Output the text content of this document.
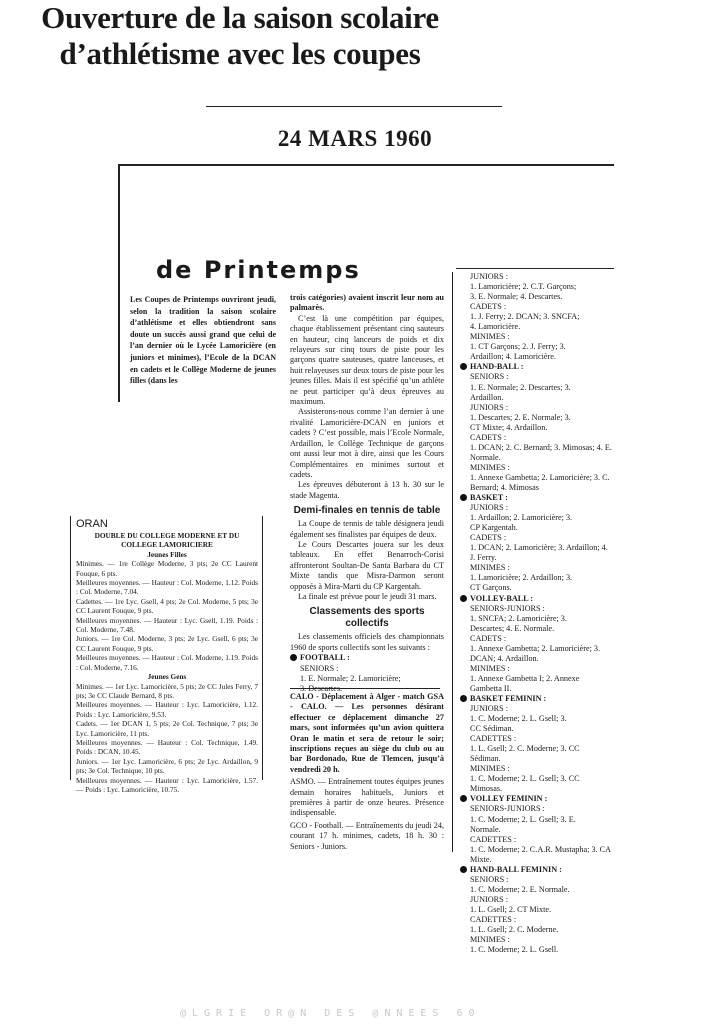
24 MARS 1960
Ouverture de la saison scolaire
d’athlétisme avec les coupes
de Printemps

Les Coupes de Printemps ouvriront jeudi, selon la tradition la saison scolaire d’athlétisme et elles obtiendront sans doute un succès aussi grand que celui de l’an dernier où le Lycée Lamoricière (en juniors et minimes), l’Ecole de la DCAN en cadets et le Collège Moderne de jeunes filles (dans les

trois catégories) avaient inscrit leur nom au palmarès.

C’est là une compétition par équipes, chaque établissement présentant cinq sauteurs en hauteur, cinq lanceurs de poids et dix relayeurs sur cinq tours de piste pour les garçons quatre sauteuses, quatre lanceuses, et huit relayeuses sur deux tours de piste pour les jeunes filles. Mais il est spécifié qu’un athlète ne peut participer qu’à deux épreuves au maximum.

Assisterons-nous comme l’an dernier à une rivalité Lamoricière-DCAN en juniors et cadets ? C’est possible, mais l’Ecole Normale, Ardaillon, le Collège Technique de garçons ont aussi leur mot à dire, ainsi que les Cours Complémentaires en minimes surtout et cadets.

Les épreuves débuteront à 13 h. 30 sur le stade Magenta.

Demi-finales en tennis de table

La Coupe de tennis de table désignera jeudi également ses finalistes par équipes de deux.

Le Cours Descartes jouera sur les deux tableaux. En effet Benarroch-Corisi affronteront Soultan-De Santa Barbara du CT Mixte tandis que Misra-Darmon seront opposés à Mira-Marti du CP Kargentah.

La finale est prévue pour le jeudi 31 mars.

Classements des sports collectifs

Les classements officiels des championnats 1960 de sports collectifs sont les suivants :

FOOTBALL :

SENIORS :

1. E. Normale; 2. Lamoricière;

CALO - Déplacement à Alger - match GSA - CALO. — Les personnes désirant effectuer ce déplacement dimanche 27 mars, sont informées qu’un avion quittera Oran le matin et sera de retour le soir; inscriptions reçues au siège du club ou au bar Bordonado, Rue de Tlemcen, jusqu’à vendredi 20 h.

ASMO. — Entraînement toutes équipes jeunes demain horaires habituels, Juniors et premières à partir de onze heures. Présence indispensable.

GCO - Football. — Entraînements du jeudi 24, courant 17 h. minimes, cadets, 18 h. 30 : Seniors - Juniors.

ORAN
DOUBLE DU COLLEGE MODERNE ET DU COLLEGE LAMORICIERE
Jeunes Filles

Minimes. — 1re Collège Moderne, 3 pts; 2e CC Laurent Fouque, 6 pts.

Meilleures moyennes. — Hauteur : Col. Moderne, 1.12. Poids : Col. Moderne, 7.04.

Cadettes. — 1re Lyc. Gsell, 4 pts; 2e Col. Moderne, 5 pts; 3e CC Laurent Fouque, 9 pts.

Meilleures moyennes. — Hauteur : Lyc. Gsell, 1.19. Poids : Col. Moderne, 7.48.

Juniors. — 1re Col. Moderne, 3 pts; 2e Lyc. Gsell, 6 pts; 3e CC Laurent Fouque, 9 pts.

Meilleures moyennes. — Hauteur : Col. Moderne, 1.19. Poids : Col. Moderne, 7.16.

Jeunes Gens

Minimes. — 1er Lyc. Lamoricière, 5 pts; 2e CC Jules Ferry, 7 pts; 3e CC Claude Bernard, 8 pts.

Meilleures moyennes. — Hauteur : Lyc. Lamoricière, 1.12. Poids : Lyc. Lamoricière, 9.53.

Cadets. — 1er DCAN 1, 5 pts; 2e Col. Technique, 7 pts; 3e Lyc. Lamoricière, 11 pts.

Meilleures moyennes. — Hauteur : Col. Technique, 1.49. Poids : DCAN, 10.45.

Juniors. — 1er Lyc. Lamoricière, 6 pts; 2e Lyc. Ardaillon, 9 pts; 3e Col. Technique, 10 pts.

Meilleures moyennes. — Hauteur : Lyc. Lamoricière, 1.57. — Poids : Lyc. Lamoricière, 10.75.

JUNIORS :
1. Lamoricière; 2. C.T. Garçons;
3. E. Normale; 4. Descartes.
CADETS :
1. J. Ferry; 2. DCAN; 3. SNCFA;
4. Lamoricière.
MINIMES :
1. CT Garçons; 2. J. Ferry; 3.
Ardaillon; 4. Lamoricière.
HAND-BALL :
SENIORS :
1. E. Normale; 2. Descartes; 3.
Ardaillon.
JUNIORS :
1. Descartes; 2. E. Normale; 3.
CT Mixte; 4. Ardaillon.
CADETS :
1. DCAN; 2. C. Bernard; 3. Mimosas; 4. E. Normale.
MINIMES :
1. Annexe Gambetta; 2. Lamoricière; 3. C. Bernard; 4. Mimosas
BASKET :
JUNIORS :
1. Ardaillon; 2. Lamoricière; 3.
CP Kargentah.
CADETS :
1. DCAN; 2. Lamoricière; 3. Ardaillon; 4. J. Ferry.
MINIMES :
1. Lamoricière; 2. Ardaillon; 3.
CT Garçons.
VOLLEY-BALL :
SENIORS-JUNIORS :
1. SNCFA; 2. Lamoricière; 3.
Descartes; 4. E. Normale.
CADETS :
1. Annexe Gambetta; 2. Lamoricière; 3. DCAN; 4. Ardaillon.
MINIMES :
1. Annexe Gambetta I; 2. Annexe Gambetta II.
BASKET FEMININ :
JUNIORS :
1. C. Moderne; 2. L. Gsell; 3.
CC Sédiman.
CADETTES :
1. L. Gsell; 2. C. Moderne; 3. CC
Sédiman.
MINIMES :
1. C. Moderne; 2. L. Gsell; 3. CC
Mimosas.
VOLLEY FEMININ :
SENIORS-JUNIORS :
1. C. Moderne; 2. L. Gsell; 3. E.
Normale.
CADETTES :
1. C. Moderne; 2. C.A.R. Mustapha; 3. CA Mixte.
HAND-BALL FEMININ :
SENIORS :
1. C. Moderne; 2. E. Normale.
JUNIORS :
1. L. Gsell; 2. CT Mixte.
CADETTES :
1. L. Gsell; 2. C. Moderne.
MINIMES :
1. C. Moderne; 2. L. Gsell.
@LGRIE OR@N DES @NNEES 60
